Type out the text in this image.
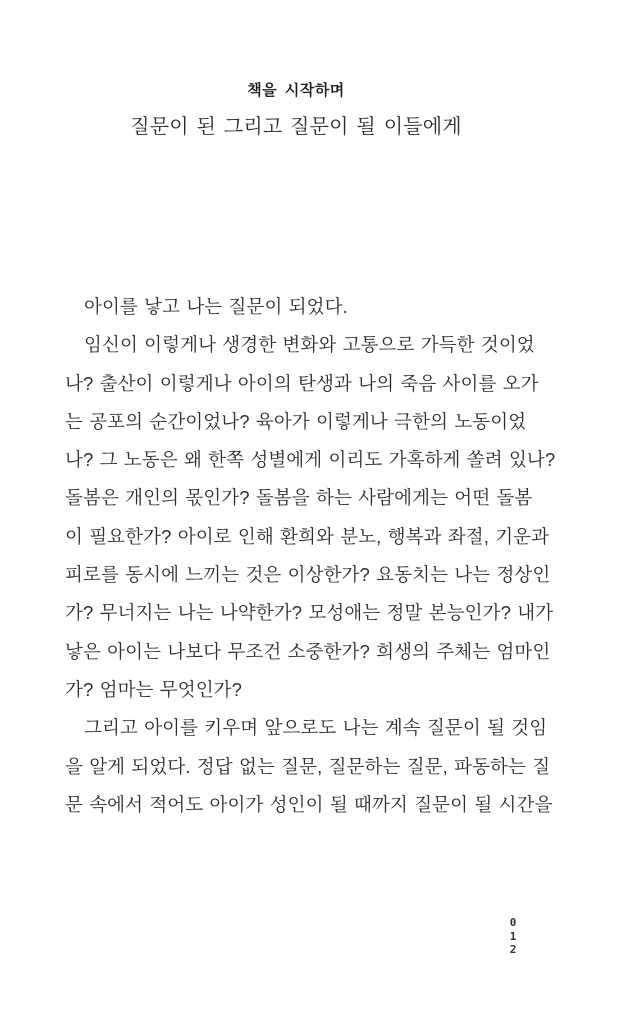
책을 시작하며
질문이 된 그리고 질문이 될 이들에게
아이를 낳고 나는 질문이 되었다.
임신이 이렇게나 생경한 변화와 고통으로 가득한 것이었
나? 출산이 이렇게나 아이의 탄생과 나의 죽음 사이를 오가
는 공포의 순간이었나? 육아가 이렇게나 극한의 노동이었
나? 그 노동은 왜 한쪽 성별에게 이리도 가혹하게 쏠려 있나?
돌봄은 개인의 몫인가? 돌봄을 하는 사람에게는 어떤 돌봄
이 필요한가? 아이로 인해 환희와 분노, 행복과 좌절, 기운과
피로를 동시에 느끼는 것은 이상한가? 요동치는 나는 정상인
가? 무너지는 나는 나약한가? 모성애는 정말 본능인가? 내가
낳은 아이는 나보다 무조건 소중한가? 희생의 주체는 엄마인
가? 엄마는 무엇인가?
그리고 아이를 키우며 앞으로도 나는 계속 질문이 될 것임
을 알게 되었다. 정답 없는 질문, 질문하는 질문, 파동하는 질
문 속에서 적어도 아이가 성인이 될 때까지 질문이 될 시간을
0
1
2
